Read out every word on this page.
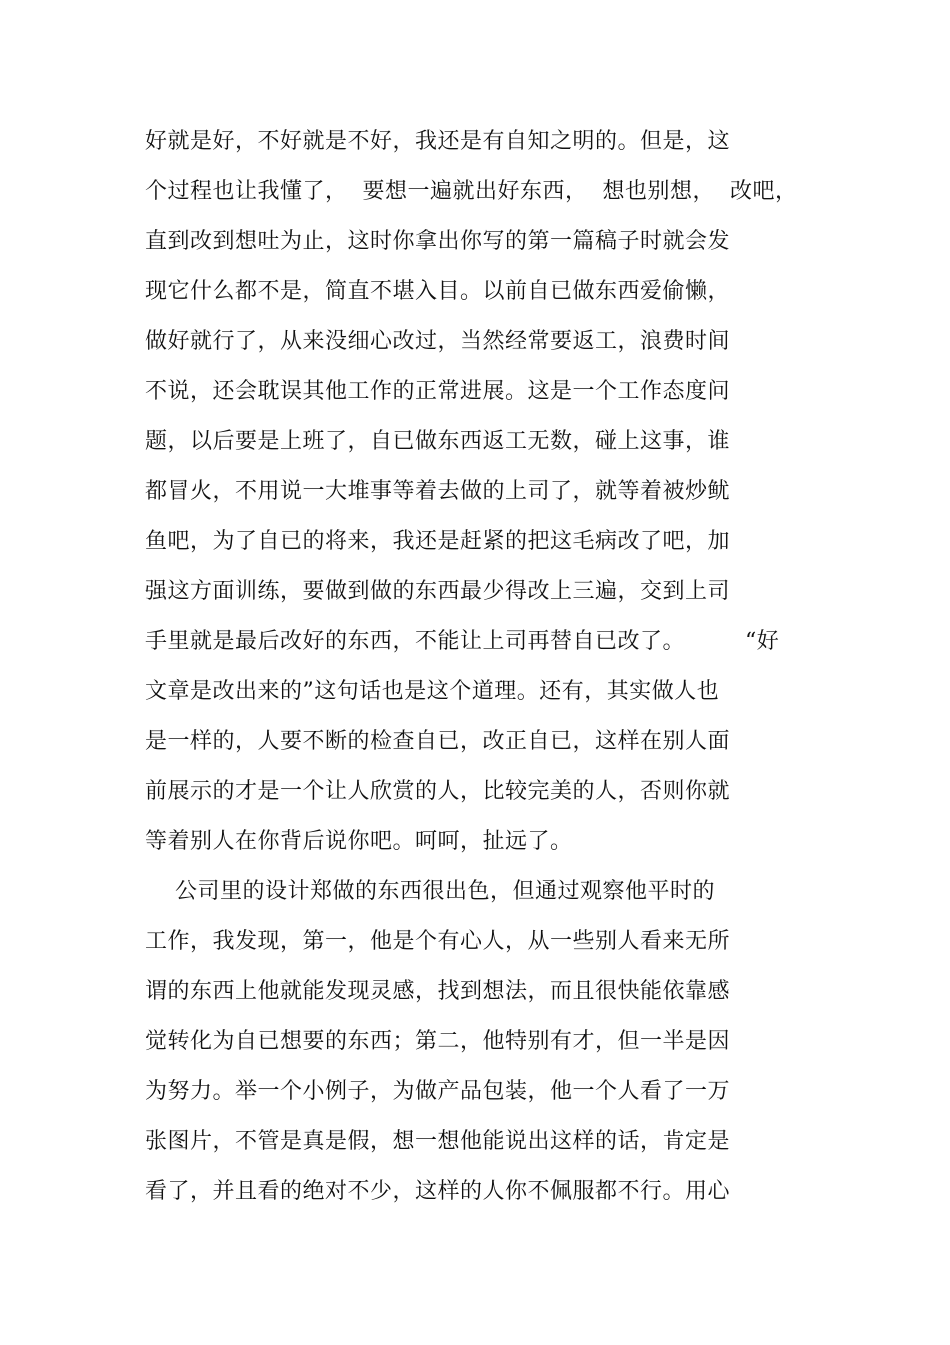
好就是好，不好就是不好，我还是有自知之明的。但是，这
个过程也让我懂了，  要想一遍就出好东西，  想也别想，  改吧，
直到改到想吐为止，这时你拿出你写的第一篇稿子时就会发
现它什么都不是，简直不堪入目。以前自已做东西爱偷懒，
做好就行了，从来没细心改过，当然经常要返工，浪费时间
不说，还会耽误其他工作的正常进展。这是一个工作态度问
题，以后要是上班了，自已做东西返工无数，碰上这事，谁
都冒火，不用说一大堆事等着去做的上司了，就等着被炒鱿
鱼吧，为了自已的将来，我还是赶紧的把这毛病改了吧，加
强这方面训练，要做到做的东西最少得改上三遍，交到上司
手里就是最后改好的东西，不能让上司再替自已改了。        “好
文章是改出来的”这句话也是这个道理。还有，其实做人也
是一样的，人要不断的检查自已，改正自已，这样在别人面
前展示的才是一个让人欣赏的人，比较完美的人，否则你就
等着别人在你背后说你吧。呵呵，扯远了。
公司里的设计郑做的东西很出色，但通过观察他平时的
工作，我发现，第一，他是个有心人，从一些别人看来无所
谓的东西上他就能发现灵感，找到想法，而且很快能依靠感
觉转化为自已想要的东西；第二，他特别有才，但一半是因
为努力。举一个小例子，为做产品包装，他一个人看了一万
张图片，不管是真是假，想一想他能说出这样的话，肯定是
看了，并且看的绝对不少，这样的人你不佩服都不行。用心
